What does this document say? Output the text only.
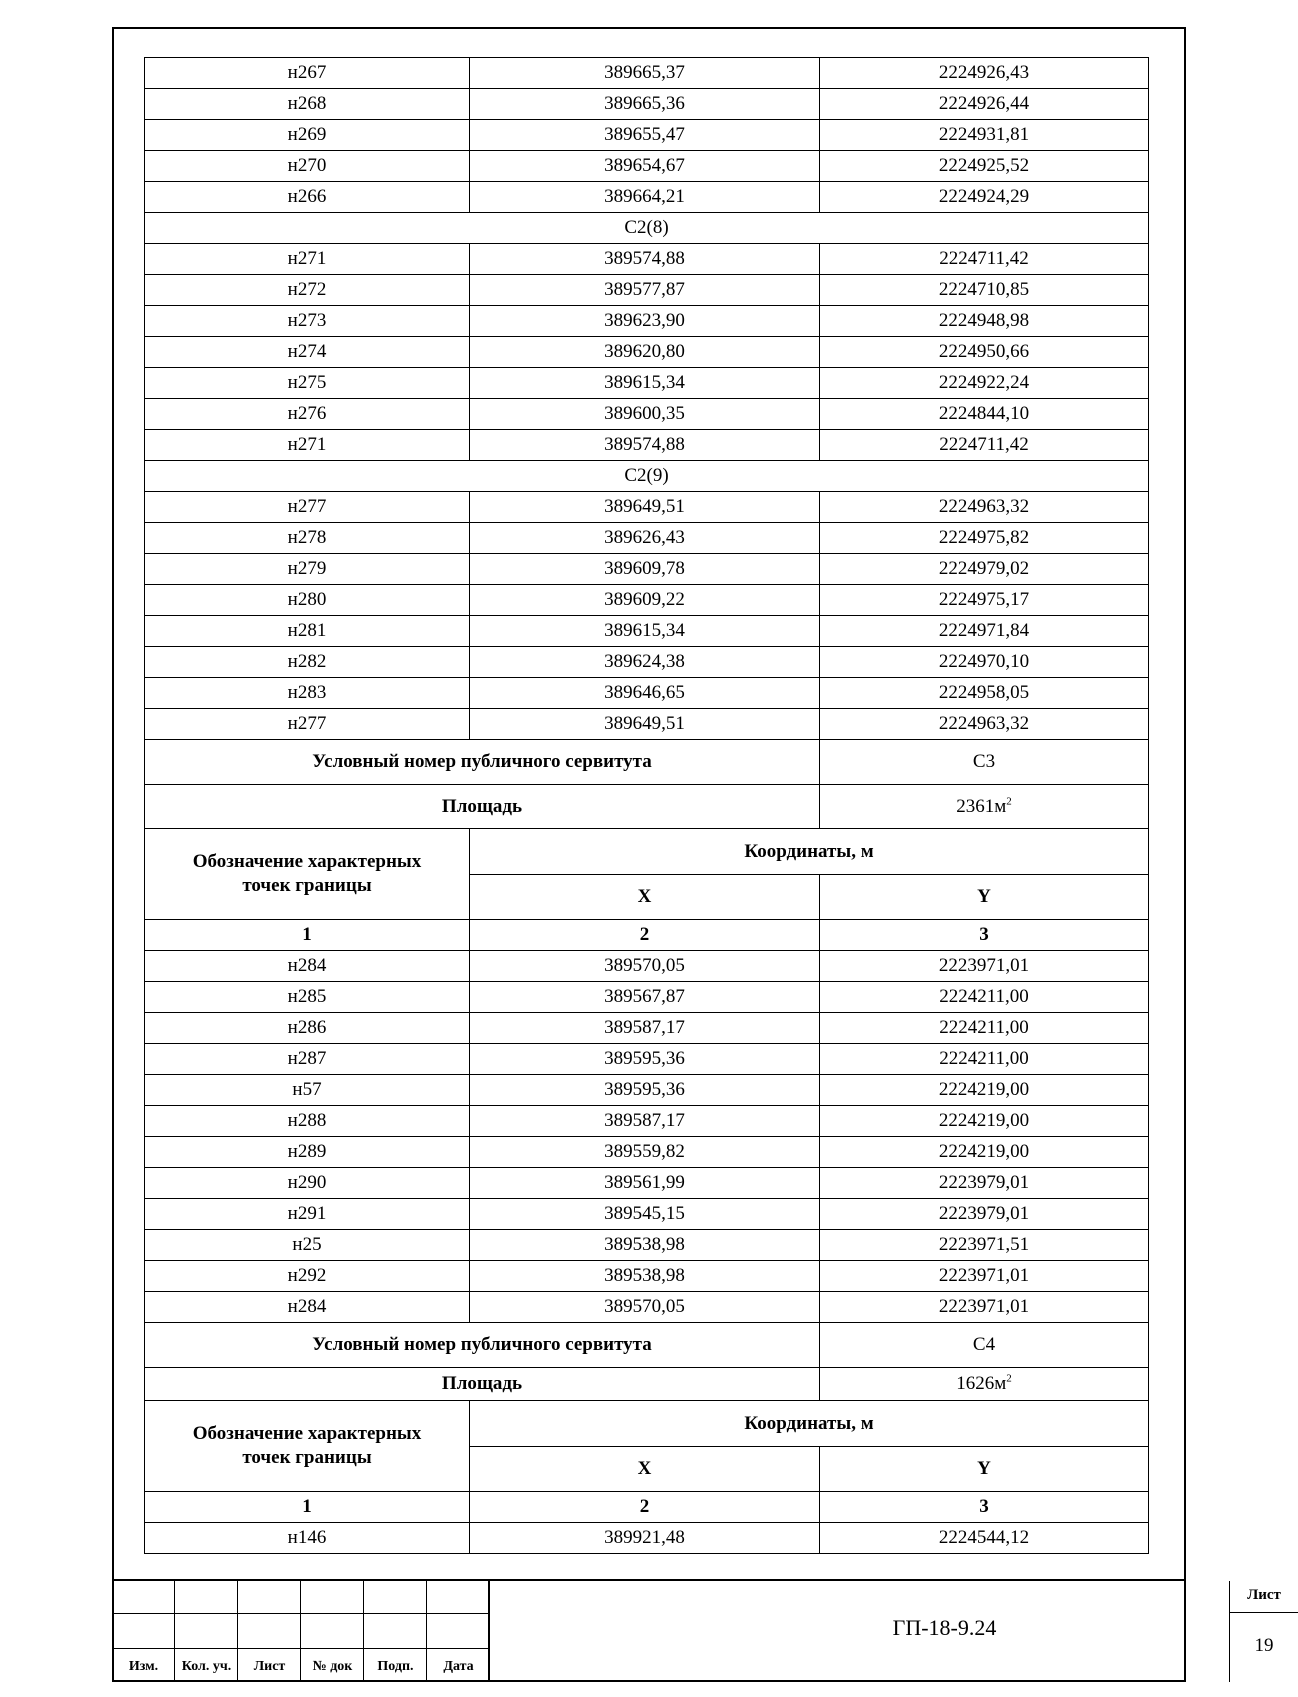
н267	389665,37	2224926,43
н268	389665,36	2224926,44
н269	389655,47	2224931,81
н270	389654,67	2224925,52
н266	389664,21	2224924,29
С2(8)		
н271	389574,88	2224711,42
н272	389577,87	2224710,85
н273	389623,90	2224948,98
н274	389620,80	2224950,66
н275	389615,34	2224922,24
н276	389600,35	2224844,10
н271	389574,88	2224711,42
С2(9)		
н277	389649,51	2224963,32
н278	389626,43	2224975,82
н279	389609,78	2224979,02
н280	389609,22	2224975,17
н281	389615,34	2224971,84
н282	389624,38	2224970,10
н283	389646,65	2224958,05
н277	389649,51	2224963,32
Условный номер публичного сервитута		С3
Площадь		$2361м^2$
Обозначение характерных точек границы	Координаты, м	
	X	Y
1	2	3
н284	389570,05	2223971,01
н285	389567,87	2224211,00
н286	389587,17	2224211,00
н287	389595,36	2224211,00
н57	389595,36	2224219,00
н288	389587,17	2224219,00
н289	389559,82	2224219,00
н290	389561,99	2223979,01
н291	389545,15	2223979,01
н25	389538,98	2223971,51
н292	389538,98	2223971,01
н284	389570,05	2223971,01
Условный номер публичного сервитута		С4
Площадь		$1626м^2$
Обозначение характерных точек границы	Координаты, м	
	X	Y
1	2	3
н146	389921,48	2224544,12
Изм.	Кол. уч.	Лист	№ док	Подп.	Дата
ГП-18-9.24
Лист
19
